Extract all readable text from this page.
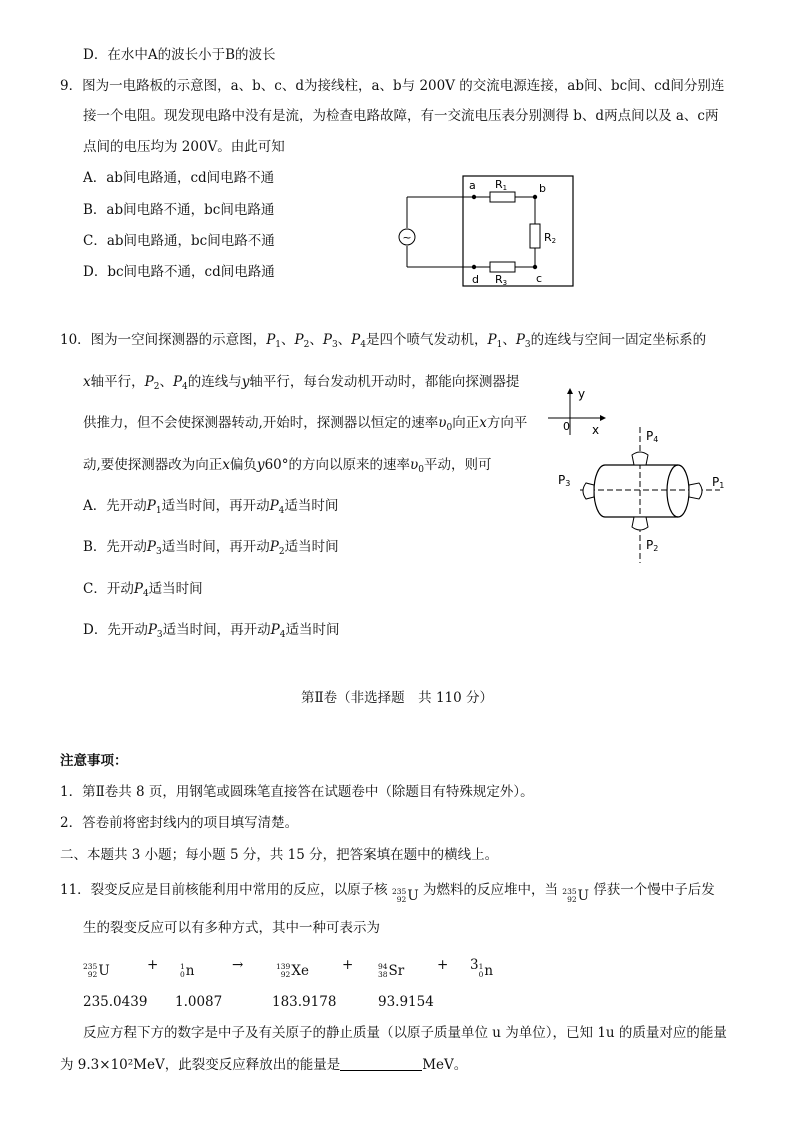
D．在水中A的波长小于B的波长
9．图为一电路板的示意图，a、b、c、d为接线柱，a、b与 200V 的交流电源连接，ab间、bc间、cd间分别连
接一个电阻。现发现电路中没有是流，为检查电路故障，有一交流电压表分别测得 b、d两点间以及 a、c两
点间的电压均为 200V。由此可知
A．ab间电路通，cd间电路不通
B．ab间电路不通，bc间电路通
C．ab间电路通，bc间电路不通
D．bc间电路不通，cd间电路通
~
a	b
c
d
R1
R2
R3
10．图为一空间探测器的示意图，$P_1$、$P_2$、$P_3$、$P_4$是四个喷气发动机，$P_1$、$P_3$的连线与空间一固定坐标系的
x轴平行，$P_2$、$P_4$的连线与y轴平行，每台发动机开动时，都能向探测器提
供推力，但不会使探测器转动,开始时，探测器以恒定的速率$\upsilon_0$向正x方向平
动,要使探测器改为向正x偏负y60°的方向以原来的速率$\upsilon_0$平动，则可
A．先开动$P_1$适当时间，再开动$P_4$适当时间
B．先开动$P_3$适当时间，再开动$P_2$适当时间
C．开动$P_4$适当时间
D．先开动$P_3$适当时间，再开动$P_4$适当时间
y
x
0
P3	P1
P4
P2
第Ⅱ卷（非选择题　共 110 分）
注意事项：
1．第Ⅱ卷共 8 页，用钢笔或圆珠笔直接答在试题卷中（除题目有特殊规定外）。
2．答卷前将密封线内的项目填写清楚。
二、本题共 3 小题；每小题 5 分，共 15 分，把答案填在题中的横线上。
11．裂变反应是目前核能利用中常用的反应，以原子核 235
92 U 为燃料的反应堆中，当 235
92 U 俘获一个慢中子后发
生的裂变反应可以有多种方式，其中一种可表示为
235
92 U	+	1
0 n	→	139
92 Xe +	94
38 Sr + 3 1
0 n
235.0439 1.0087	183.9178	93.9154
反应方程下方的数字是中子及有关原子的静止质量（以原子质量单位 u 为单位），已知 1u 的质量对应的能量
为 9.3×10²MeV，此裂变反应释放出的能量是	MeV。
